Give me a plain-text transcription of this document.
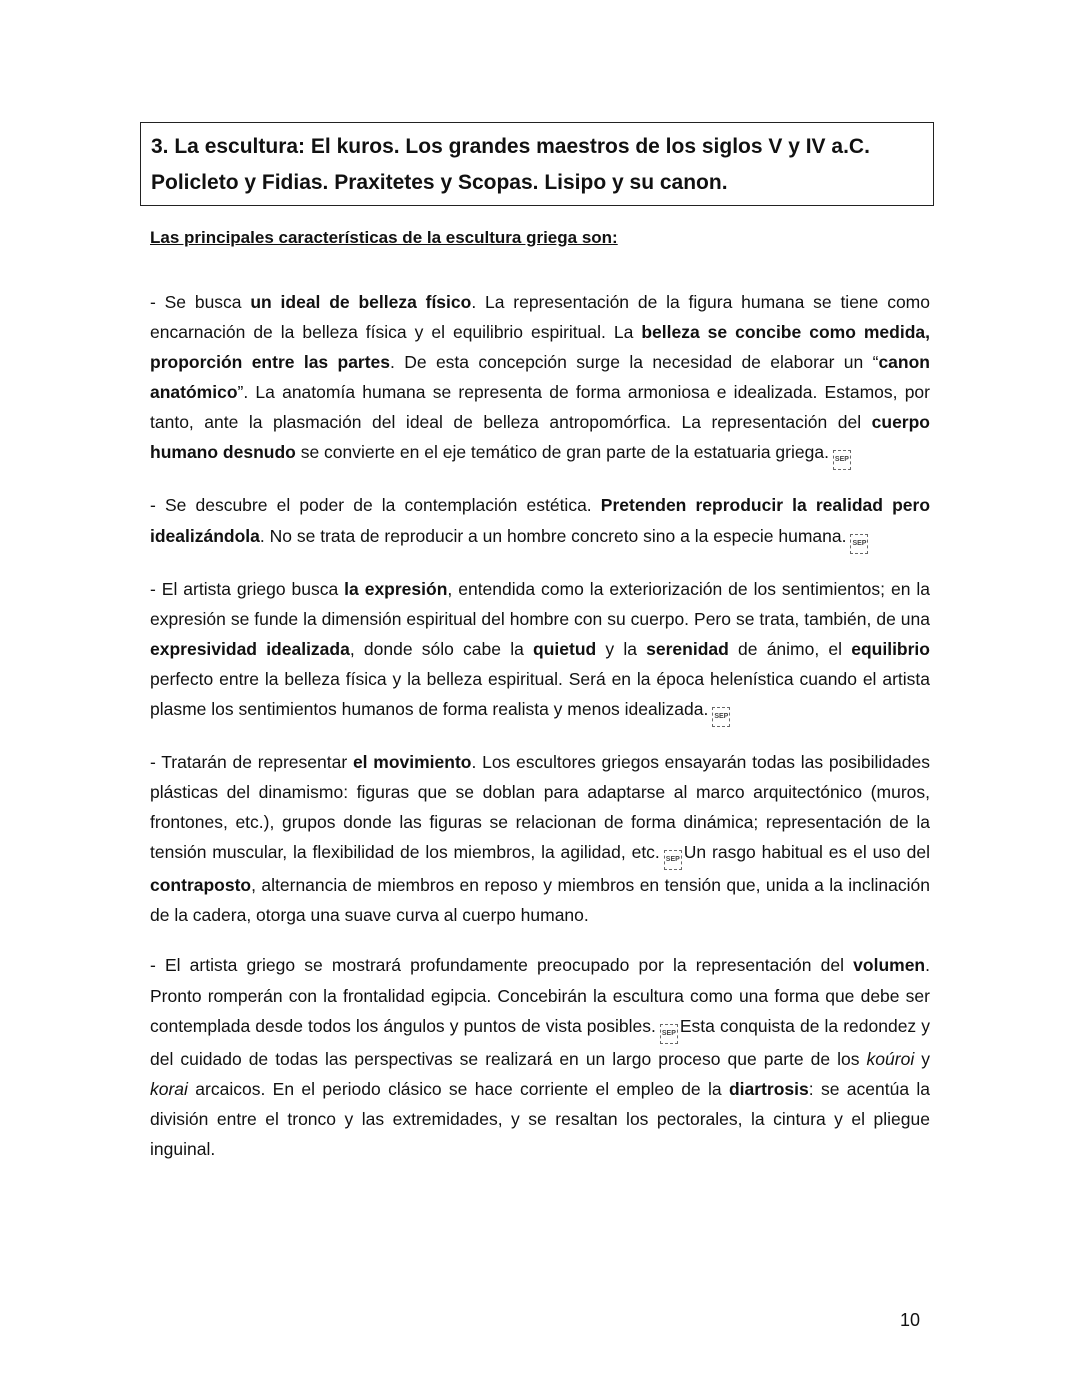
3. La escultura: El kuros. Los grandes maestros de los siglos V y IV a.C.
Policleto y Fidias. Praxitetes y Scopas. Lisipo y su canon.
Las principales características de la escultura griega son:

- Se busca un ideal de belleza físico. La representación de la figura humana se tiene como encarnación de la belleza física y el equilibrio espiritual. La belleza se concibe como medida, proporción entre las partes. De esta concepción surge la necesidad de elaborar un “canon anatómico”. La anatomía humana se representa de forma armoniosa e idealizada. Estamos, por tanto, ante la plasmación del ideal de belleza antropomórfica. La representación del cuerpo humano desnudo se convierte en el eje temático de gran parte de la estatuaria griega. SEP

- Se descubre el poder de la contemplación estética. Pretenden reproducir la realidad pero idealizándola. No se trata de reproducir a un hombre concreto sino a la especie humana. SEP

- El artista griego busca la expresión, entendida como la exteriorización de los sentimientos; en la expresión se funde la dimensión espiritual del hombre con su cuerpo. Pero se trata, también, de una expresividad idealizada, donde sólo cabe la quietud y la serenidad de ánimo, el equilibrio perfecto entre la belleza física y la belleza espiritual. Será en la época helenística cuando el artista plasme los sentimientos humanos de forma realista y menos idealizada. SEP

- Tratarán de representar el movimiento. Los escultores griegos ensayarán todas las posibilidades plásticas del dinamismo: figuras que se doblan para adaptarse al marco arquitectónico (muros, frontones, etc.), grupos donde las figuras se relacionan de forma dinámica; representación de la tensión muscular, la flexibilidad de los miembros, la agilidad, etc. SEP Un rasgo habitual es el uso del contraposto, alternancia de miembros en reposo y miembros en tensión que, unida a la inclinación de la cadera, otorga una suave curva al cuerpo humano.

- El artista griego se mostrará profundamente preocupado por la representación del volumen. Pronto romperán con la frontalidad egipcia. Concebirán la escultura como una forma que debe ser contemplada desde todos los ángulos y puntos de vista posibles. SEP Esta conquista de la redondez y del cuidado de todas las perspectivas se realizará en un largo proceso que parte de los koúroi y korai arcaicos. En el periodo clásico se hace corriente el empleo de la diartrosis: se acentúa la división entre el tronco y las extremidades, y se resaltan los pectorales, la cintura y el pliegue inguinal.

10
